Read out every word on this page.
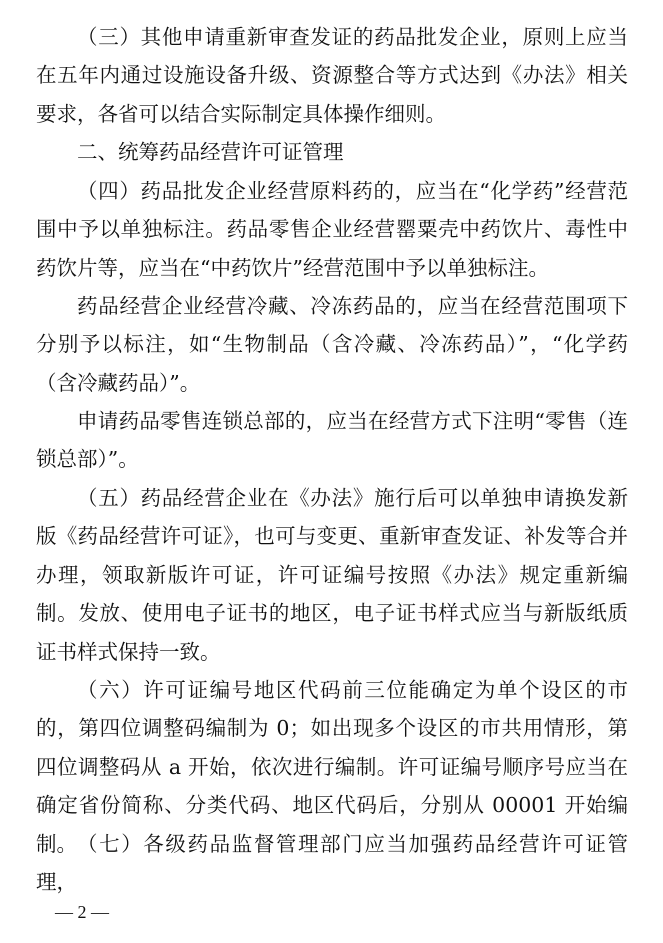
（三）其他申请重新审查发证的药品批发企业，原则上应当在五年内通过设施设备升级、资源整合等方式达到《办法》相关要求，各省可以结合实际制定具体操作细则。

二、统筹药品经营许可证管理

（四）药品批发企业经营原料药的，应当在“化学药”经营范围中予以单独标注。药品零售企业经营罂粟壳中药饮片、毒性中药饮片等，应当在“中药饮片”经营范围中予以单独标注。

药品经营企业经营冷藏、冷冻药品的，应当在经营范围项下分别予以标注，如“生物制品（含冷藏、冷冻药品）”，“化学药（含冷藏药品）”。

申请药品零售连锁总部的，应当在经营方式下注明“零售（连锁总部）”。

（五）药品经营企业在《办法》施行后可以单独申请换发新版《药品经营许可证》，也可与变更、重新审查发证、补发等合并办理，领取新版许可证，许可证编号按照《办法》规定重新编制。发放、使用电子证书的地区，电子证书样式应当与新版纸质证书样式保持一致。

（六）许可证编号地区代码前三位能确定为单个设区的市的，第四位调整码编制为 0；如出现多个设区的市共用情形，第四位调整码从 a 开始，依次进行编制。许可证编号顺序号应当在确定省份简称、分类代码、地区代码后，分别从 00001 开始编制。 （七）各级药品监督管理部门应当加强药品经营许可证管理，

— 2 —
